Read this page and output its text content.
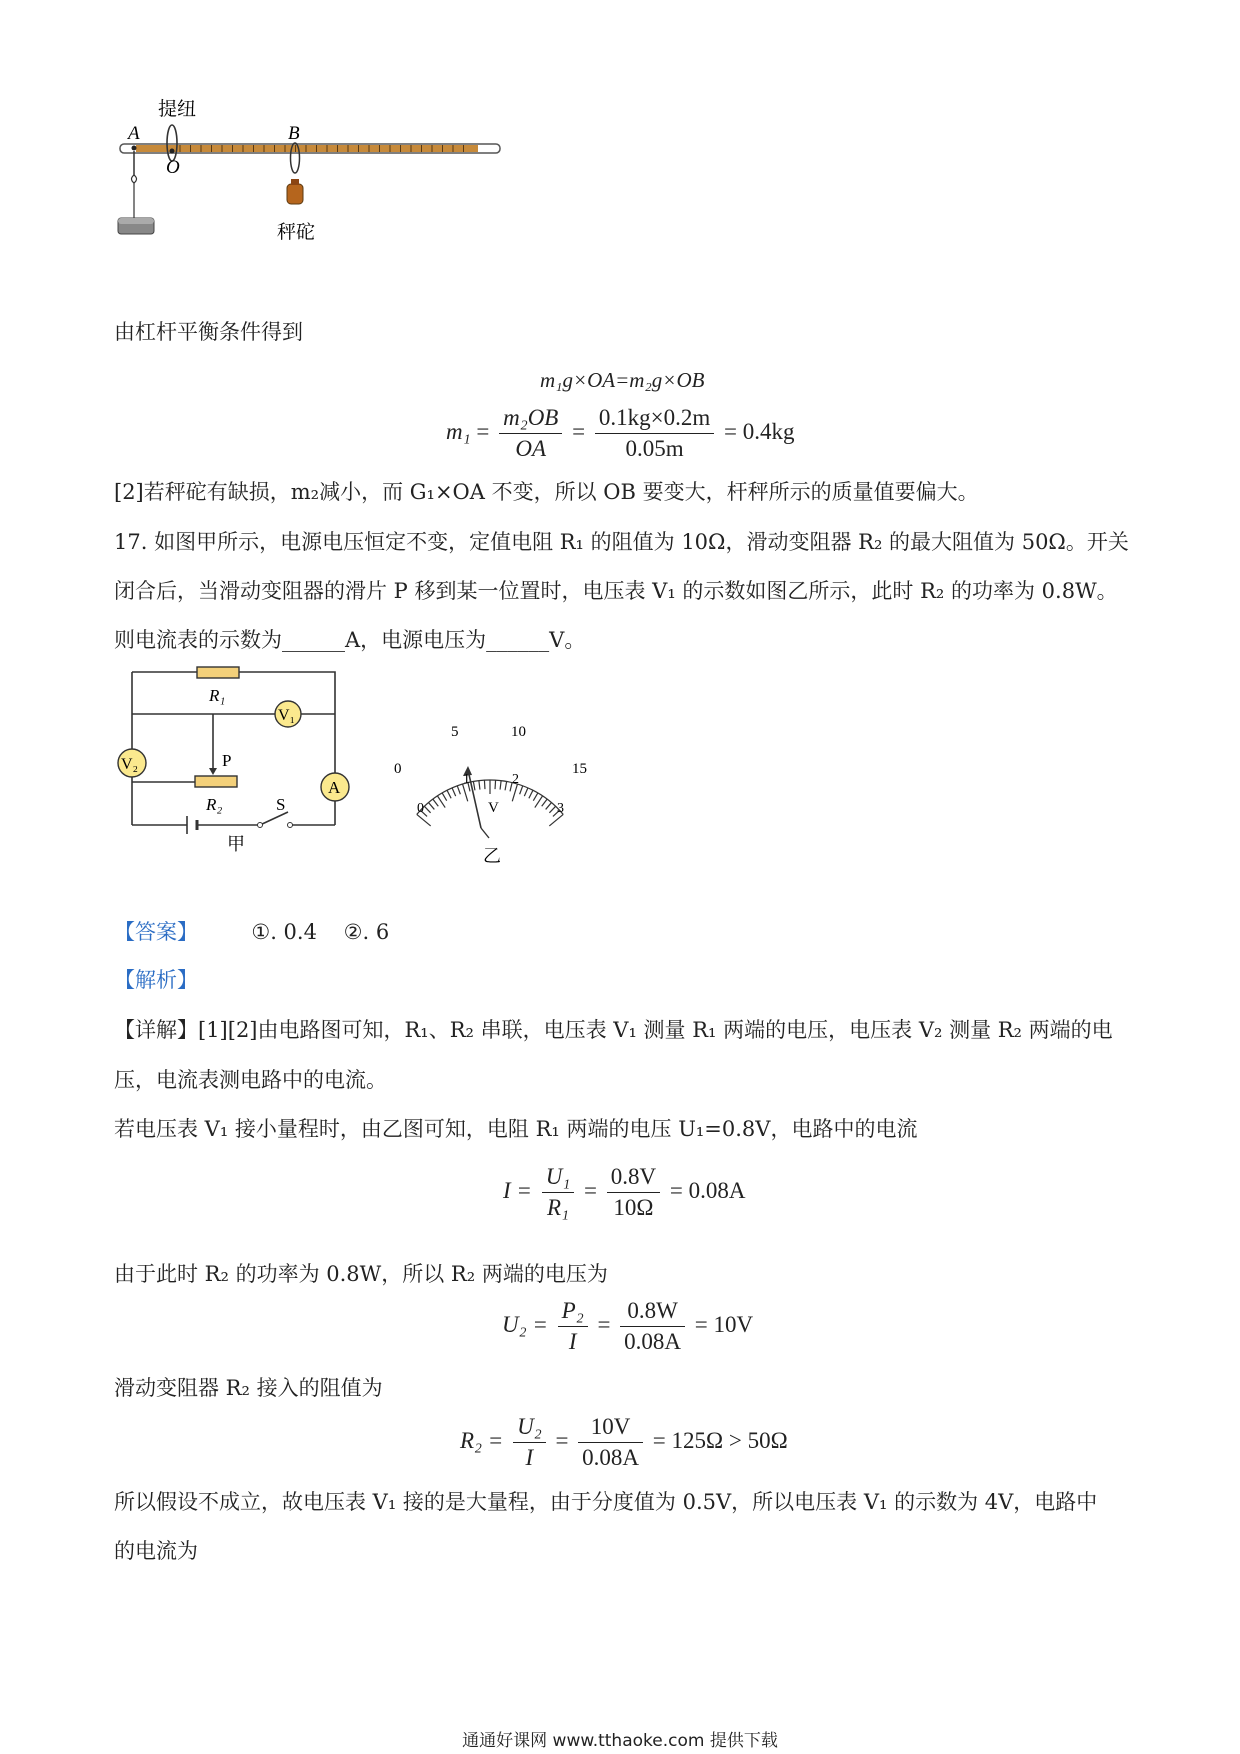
A
O
B
提纽
秤砣
由杠杆平衡条件得到
m₁g×OA=m₂g×OB
$m_1 = \frac{\text{m₂OB}}{OA} = \frac{0.1kg\times 0.2m}{0.05m} = 0.4kg$
[2]若秤砣有缺损，m₂减小，而 G₁×OA 不变，所以 OB 要变大，杆秤所示的质量值要偏大。
17. 如图甲所示，电源电压恒定不变，定值电阻 R₁ 的阻值为 10Ω，滑动变阻器 R₂ 的最大阻值为 50Ω。开关
闭合后，当滑动变阻器的滑片 P 移到某一位置时，电压表 V₁ 的示数如图乙所示，此时 R₂ 的功率为 0.8W。
则电流表的示数为______A，电源电压为______V。
R₁
R₂
V₁
V₂
A
P
S
甲
0
5	10
15
0
1	2
3
V
乙
【答案】	①. 0.4    ②. 6
【解析】
【详解】[1][2]由电路图可知，R₁、R₂ 串联，电压表 V₁ 测量 R₁ 两端的电压，电压表 V₂ 测量 R₂ 两端的电
压，电流表测电路中的电流。
若电压表 V₁ 接小量程时，由乙图可知，电阻 R₁ 两端的电压 U₁=0.8V，电路中的电流
$I = \frac{\text{U₁}}{\text{R₁}} = \frac{0.8V}{10\Omega} = 0.08A$
由于此时 R₂ 的功率为 0.8W，所以 R₂ 两端的电压为
$U_2 = \frac{\text{P₂}}{I} = \frac{0.8W}{0.08A} = 10V$
滑动变阻器 R₂ 接入的阻值为
$R_2 = \frac{\text{U₂}}{I} = \frac{10V}{0.08A} = 125\Omega > 50\Omega$
所以假设不成立，故电压表 V₁ 接的是大量程，由于分度值为 0.5V，所以电压表 V₁ 的示数为 4V，电路中
的电流为
通通好课网 www.tthaoke.com 提供下载
